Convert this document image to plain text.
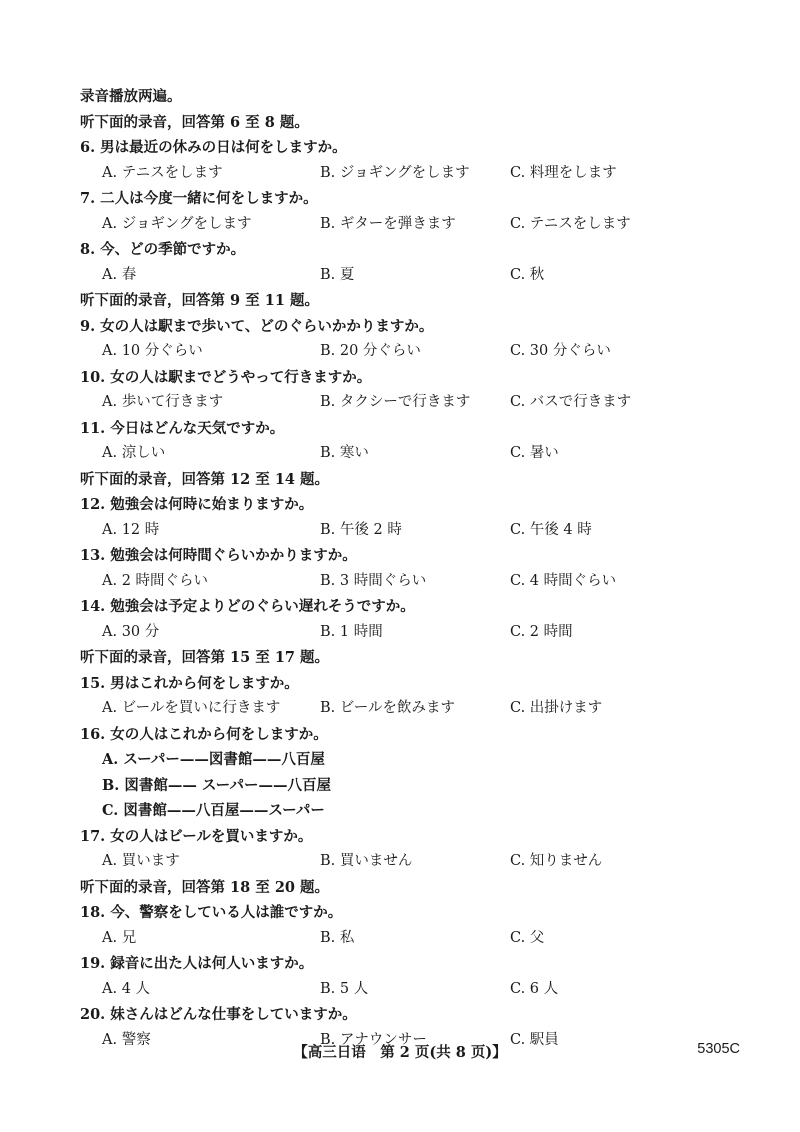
录音播放两遍。
听下面的录音，回答第 6 至 8 题。
6. 男は最近の休みの日は何をしますか。
A. テニスをします	B. ジョギングをします	C. 料理をします
7. 二人は今度一緒に何をしますか。
A. ジョギングをします	B. ギターを弾きます	C. テニスをします
8. 今、どの季節ですか。
A. 春	B. 夏	C. 秋
听下面的录音，回答第 9 至 11 题。
9. 女の人は駅まで歩いて、どのぐらいかかりますか。
A. 10 分ぐらい	B. 20 分ぐらい	C. 30 分ぐらい
10. 女の人は駅までどうやって行きますか。
A. 歩いて行きます	B. タクシーで行きます	C. バスで行きます
11. 今日はどんな天気ですか。
A. 涼しい	B. 寒い	C. 暑い
听下面的录音，回答第 12 至 14 题。
12. 勉強会は何時に始まりますか。
A. 12 時	B. 午後 2 時	C. 午後 4 時
13. 勉強会は何時間ぐらいかかりますか。
A. 2 時間ぐらい	B. 3 時間ぐらい	C. 4 時間ぐらい
14. 勉強会は予定よりどのぐらい遅れそうですか。
A. 30 分	B. 1 時間	C. 2 時間
听下面的录音，回答第 15 至 17 题。
15. 男はこれから何をしますか。
A. ビールを買いに行きます	B. ビールを飲みます	C. 出掛けます
16. 女の人はこれから何をしますか。
A. スーパー——図書館——八百屋
B. 図書館—— スーパー——八百屋
C. 図書館——八百屋——スーパー
17. 女の人はビールを買いますか。
A. 買います	B. 買いません	C. 知りません
听下面的录音，回答第 18 至 20 题。
18. 今、警察をしている人は誰ですか。
A. 兄	B. 私	C. 父
19. 録音に出た人は何人いますか。
A. 4 人	B. 5 人	C. 6 人
20. 妹さんはどんな仕事をしていますか。
A. 警察	B. アナウンサー	C. 駅員
【高三日语　第 2 页(共 8 页)】	5305C
